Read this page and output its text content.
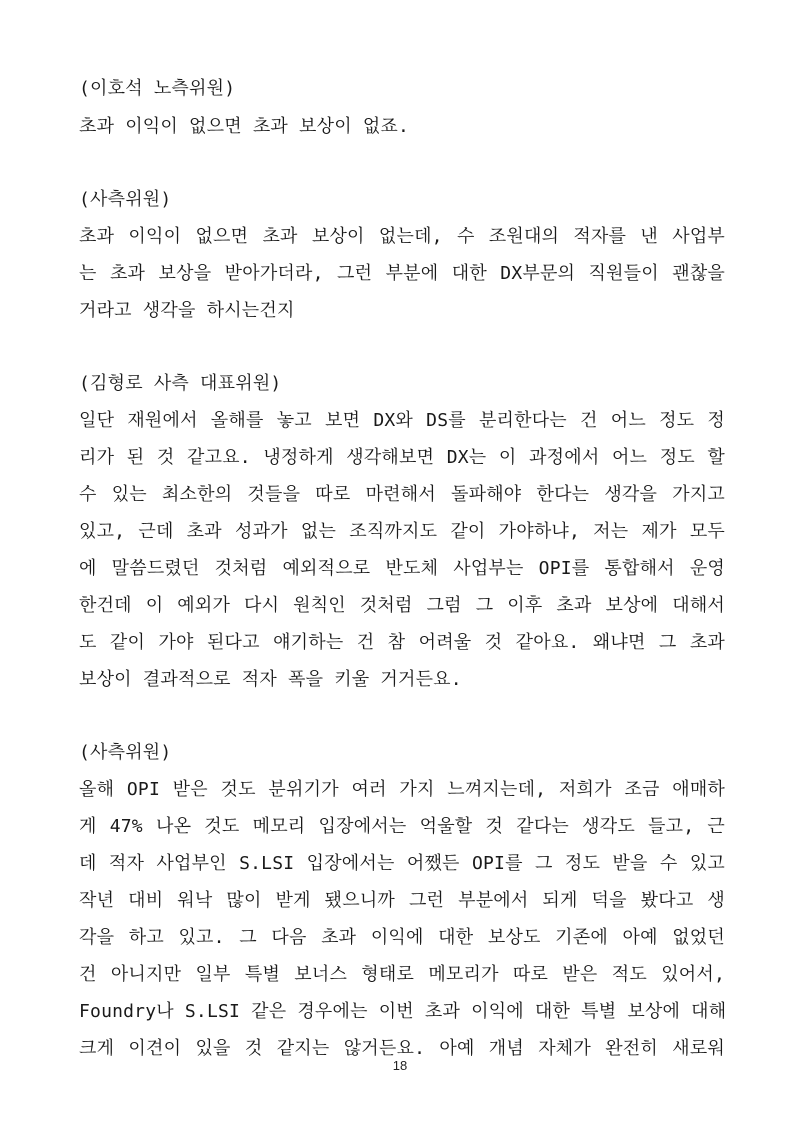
(이호석 노측위원)
초과 이익이 없으면 초과 보상이 없죠.
(사측위원)
초과 이익이 없으면 초과 보상이 없는데, 수 조원대의 적자를 낸 사업부
는 초과 보상을 받아가더라, 그런 부분에 대한 DX부문의 직원들이 괜찮을
거라고 생각을 하시는건지
(김형로 사측 대표위원)
일단 재원에서 올해를 놓고 보면 DX와 DS를 분리한다는 건 어느 정도 정
리가 된 것 같고요. 냉정하게 생각해보면 DX는 이 과정에서 어느 정도 할
수 있는 최소한의 것들을 따로 마련해서 돌파해야 한다는 생각을 가지고
있고, 근데 초과 성과가 없는 조직까지도 같이 가야하냐, 저는 제가 모두
에 말씀드렸던 것처럼 예외적으로 반도체 사업부는 OPI를 통합해서 운영
한건데 이 예외가 다시 원칙인 것처럼 그럼 그 이후 초과 보상에 대해서
도 같이 가야 된다고 얘기하는 건 참 어려울 것 같아요. 왜냐면 그 초과
보상이 결과적으로 적자 폭을 키울 거거든요.
(사측위원)
올해 OPI 받은 것도 분위기가 여러 가지 느껴지는데, 저희가 조금 애매하
게 47% 나온 것도 메모리 입장에서는 억울할 것 같다는 생각도 들고, 근
데 적자 사업부인 S.LSI 입장에서는 어쨌든 OPI를 그 정도 받을 수 있고
작년 대비 워낙 많이 받게 됐으니까 그런 부분에서 되게 덕을 봤다고 생
각을 하고 있고. 그 다음 초과 이익에 대한 보상도 기존에 아예 없었던
건 아니지만 일부 특별 보너스 형태로 메모리가 따로 받은 적도 있어서,
Foundry나 S.LSI 같은 경우에는 이번 초과 이익에 대한 특별 보상에 대해
크게 이견이 있을 것 같지는 않거든요. 아예 개념 자체가 완전히 새로워
18
